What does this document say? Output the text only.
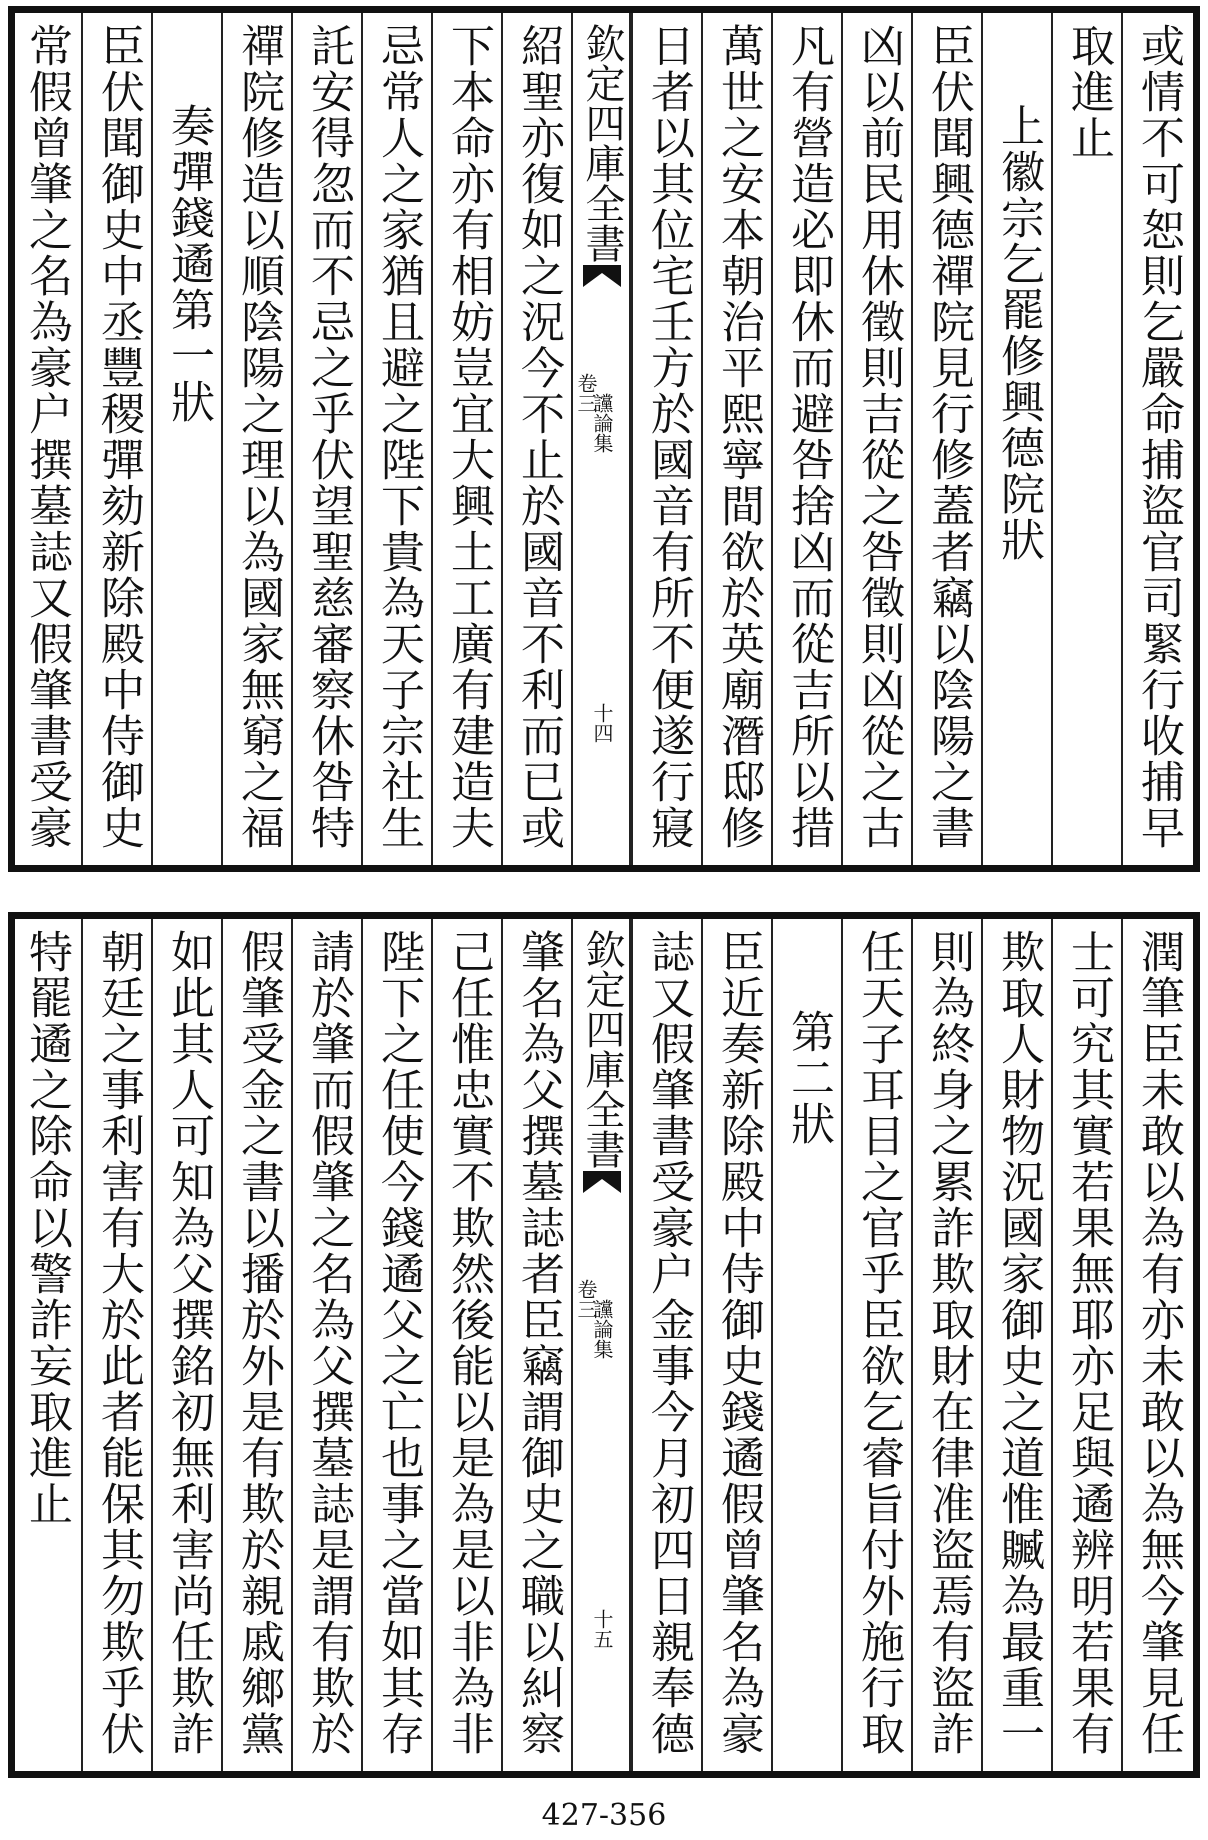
或情不可恕則乞嚴命捕盜官司緊行收捕早
取進止
上徽宗乞罷修興德院狀
臣伏聞興德禪院見行修蓋者竊以陰陽之書
凶以前民用休徵則吉從之咎徵則凶從之古
凡有營造必即休而避咎捨凶而從吉所以措
萬世之安本朝治平熙寧間欲於英廟潛邸修
日者以其位宅壬方於國音有所不便遂行寢
欽定四庫全書
讜論集
卷三
十四
紹聖亦復如之況今不止於國音不利而已或
下本命亦有相妨豈宜大興土工廣有建造夫
忌常人之家猶且避之陛下貴為天子宗社生
託安得忽而不忌之乎伏望聖慈審察休咎特
禪院修造以順陰陽之理以為國家無窮之福
奏彈錢遹第一狀
臣伏聞御史中丞豐稷彈劾新除殿中侍御史
常假曾肇之名為豪户撰墓誌又假肇書受豪
潤筆臣未敢以為有亦未敢以為無今肇見任
士可究其實若果無耶亦足與遹辨明若果有
欺取人財物況國家御史之道惟贓為最重一
則為終身之累詐欺取財在律准盜焉有盜詐
任天子耳目之官乎臣欲乞睿旨付外施行取
第二狀
臣近奏新除殿中侍御史錢遹假曾肇名為豪
誌又假肇書受豪户金事今月初四日親奉德
欽定四庫全書
讜論集
卷三
十五
肇名為父撰墓誌者臣竊謂御史之職以糾察
己任惟忠實不欺然後能以是為是以非為非
陛下之任使今錢遹父之亡也事之當如其存
請於肇而假肇之名為父撰墓誌是謂有欺於
假肇受金之書以播於外是有欺於親戚鄉黨
如此其人可知為父撰銘初無利害尚任欺詐
朝廷之事利害有大於此者能保其勿欺乎伏
特罷遹之除命以警詐妄取進止
427-356
